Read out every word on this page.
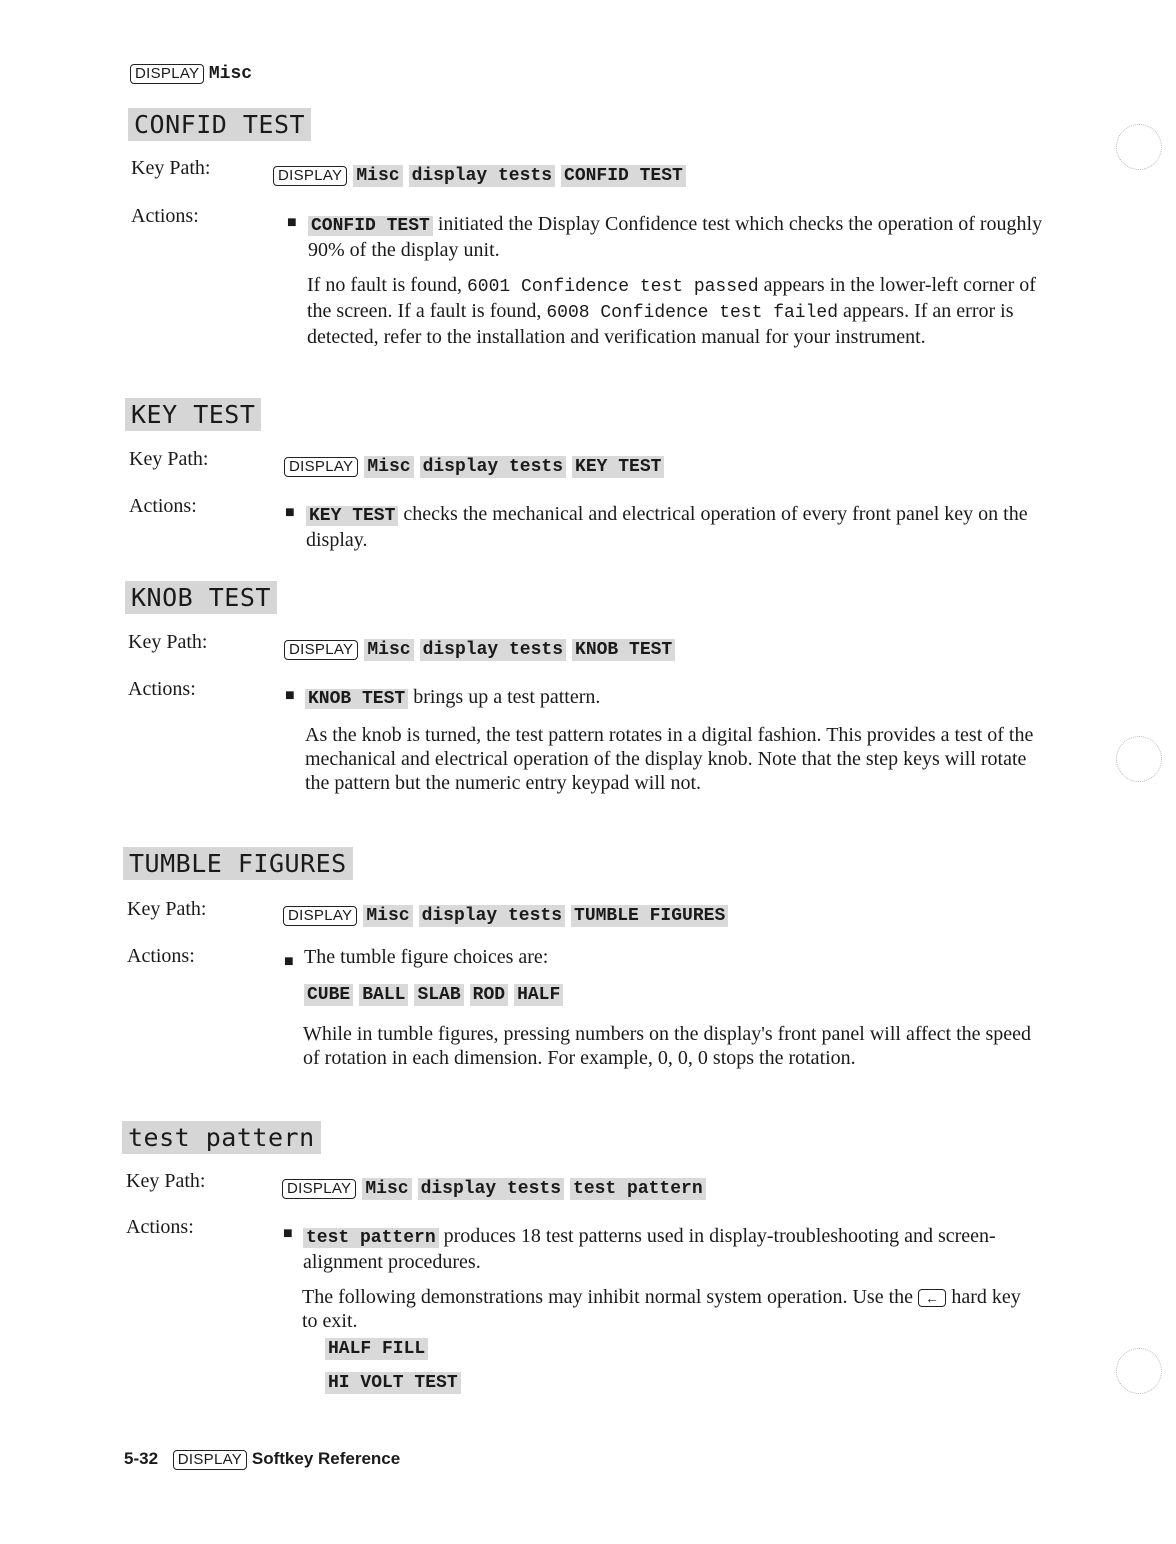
DISPLAY Misc
CONFID TEST
Key Path:	DISPLAY Misc display tests CONFID TEST
Actions:	■ CONFID TEST initiated the Display Confidence test which checks the operation of roughly 90% of the display unit.
If no fault is found, 6001 Confidence test passed appears in the lower-left corner of the screen. If a fault is found, 6008 Confidence test failed appears. If an error is detected, refer to the installation and verification manual for your instrument.
KEY TEST
Key Path:	DISPLAY Misc display tests KEY TEST
Actions:	■ KEY TEST checks the mechanical and electrical operation of every front panel key on the display.
KNOB TEST
Key Path:	DISPLAY Misc display tests KNOB TEST
Actions:	■ KNOB TEST brings up a test pattern.
As the knob is turned, the test pattern rotates in a digital fashion. This provides a test of the mechanical and electrical operation of the display knob. Note that the step keys will rotate the pattern but the numeric entry keypad will not.
TUMBLE FIGURES
Key Path:	DISPLAY Misc display tests TUMBLE FIGURES
Actions:	■ The tumble figure choices are:
CUBE BALL SLAB ROD HALF
While in tumble figures, pressing numbers on the display's front panel will affect the speed of rotation in each dimension. For example, 0, 0, 0 stops the rotation.
test pattern
Key Path:	DISPLAY Misc display tests test pattern
Actions:	■ test pattern produces 18 test patterns used in display-troubleshooting and screen-alignment procedures.
The following demonstrations may inhibit normal system operation. Use the ← hard key to exit.
HALF FILL
HI VOLT TEST
5-32 DISPLAY Softkey Reference
